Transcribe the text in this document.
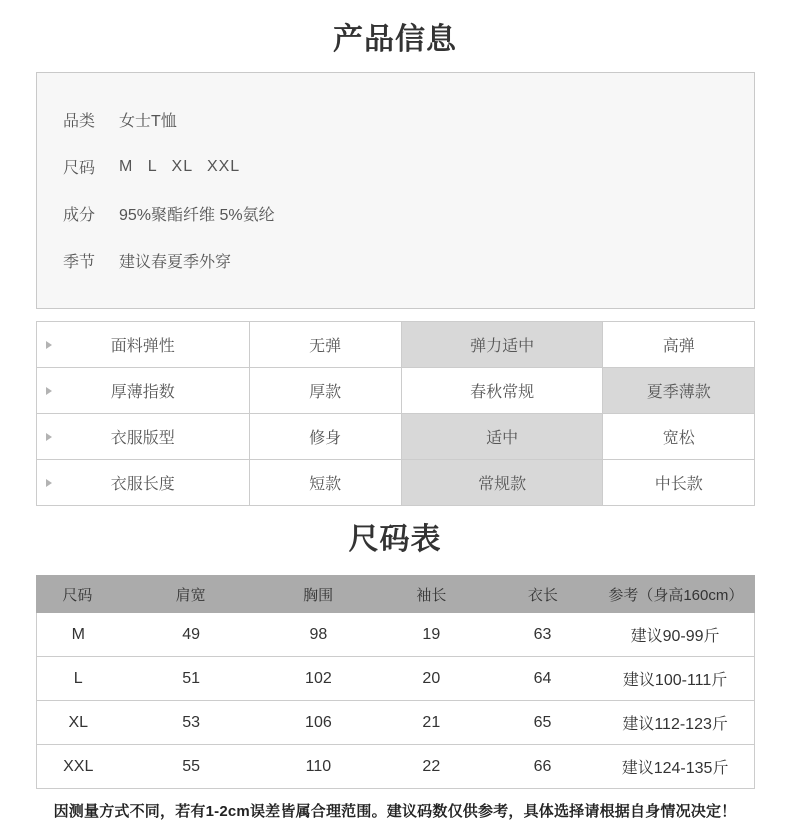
产品信息
品类 女士T恤
尺码 M L XL XXL
成分 95%聚酯纤维 5%氨纶
季节 建议春夏季外穿
面料弹性	无弹	弹力适中	高弹
厚薄指数	厚款	春秋常规	夏季薄款
衣服版型	修身	适中	宽松
衣服长度	短款	常规款	中长款
尺码表
尺码	肩宽	胸围	袖长	衣长	参考（身高160cm）
M	49	98	19	63	建议90-99斤
L	51	102	20	64	建议100-111斤
XL	53	106	21	65	建议112-123斤
XXL	55	110	22	66	建议124-135斤
因测量方式不同，若有1-2cm误差皆属合理范围。建议码数仅供参考，具体选择请根据自身情况决定！
